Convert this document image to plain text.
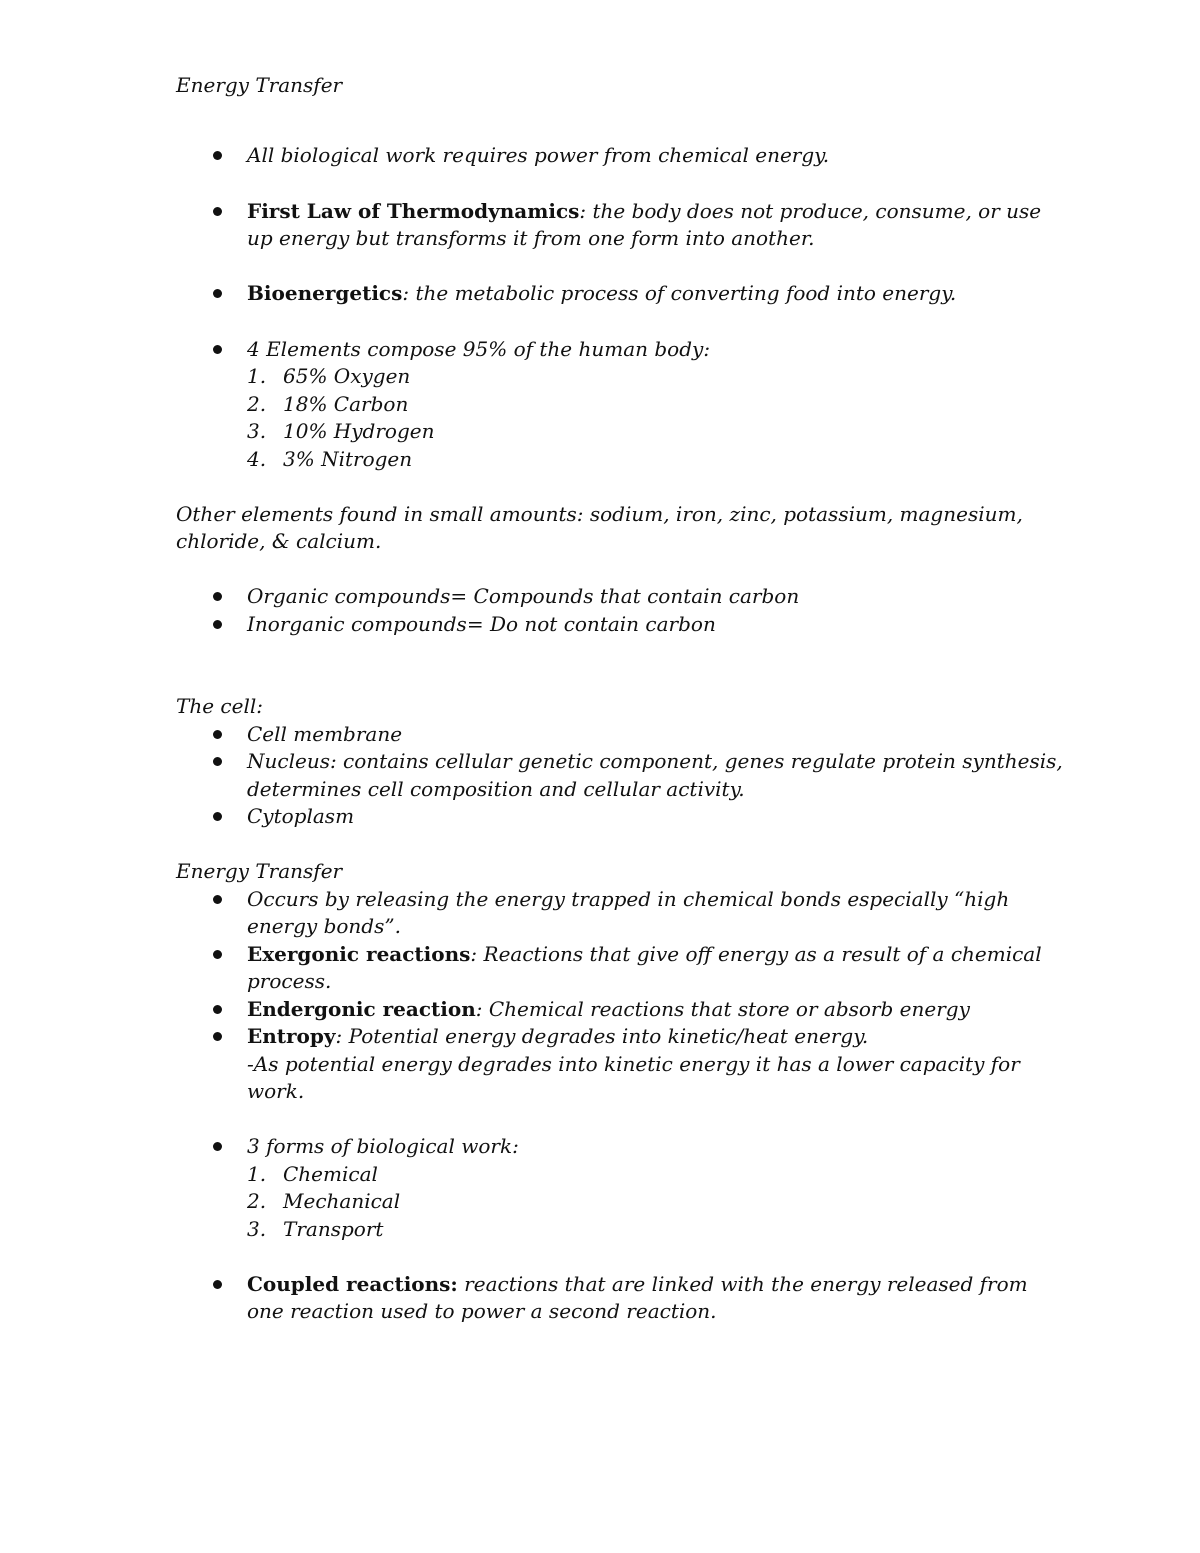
Energy Transfer
All biological work requires power from chemical energy.
First Law of Thermodynamics: the body does not produce, consume, or use
up energy but transforms it from one form into another.
Bioenergetics: the metabolic process of converting food into energy.
4 Elements compose 95% of the human body:
1. 65% Oxygen
2. 18% Carbon
3. 10% Hydrogen
4. 3% Nitrogen
Other elements found in small amounts: sodium, iron, zinc, potassium, magnesium,
chloride, & calcium.
Organic compounds= Compounds that contain carbon
Inorganic compounds= Do not contain carbon
The cell:
Cell membrane
Nucleus: contains cellular genetic component, genes regulate protein synthesis,
determines cell composition and cellular activity.
Cytoplasm
Energy Transfer
Occurs by releasing the energy trapped in chemical bonds especially “high
energy bonds”.
Exergonic reactions: Reactions that give off energy as a result of a chemical
process.
Endergonic reaction: Chemical reactions that store or absorb energy
Entropy: Potential energy degrades into kinetic/heat energy.
-As potential energy degrades into kinetic energy it has a lower capacity for
work.
3 forms of biological work:
1. Chemical
2. Mechanical
3. Transport
Coupled reactions: reactions that are linked with the energy released from
one reaction used to power a second reaction.
